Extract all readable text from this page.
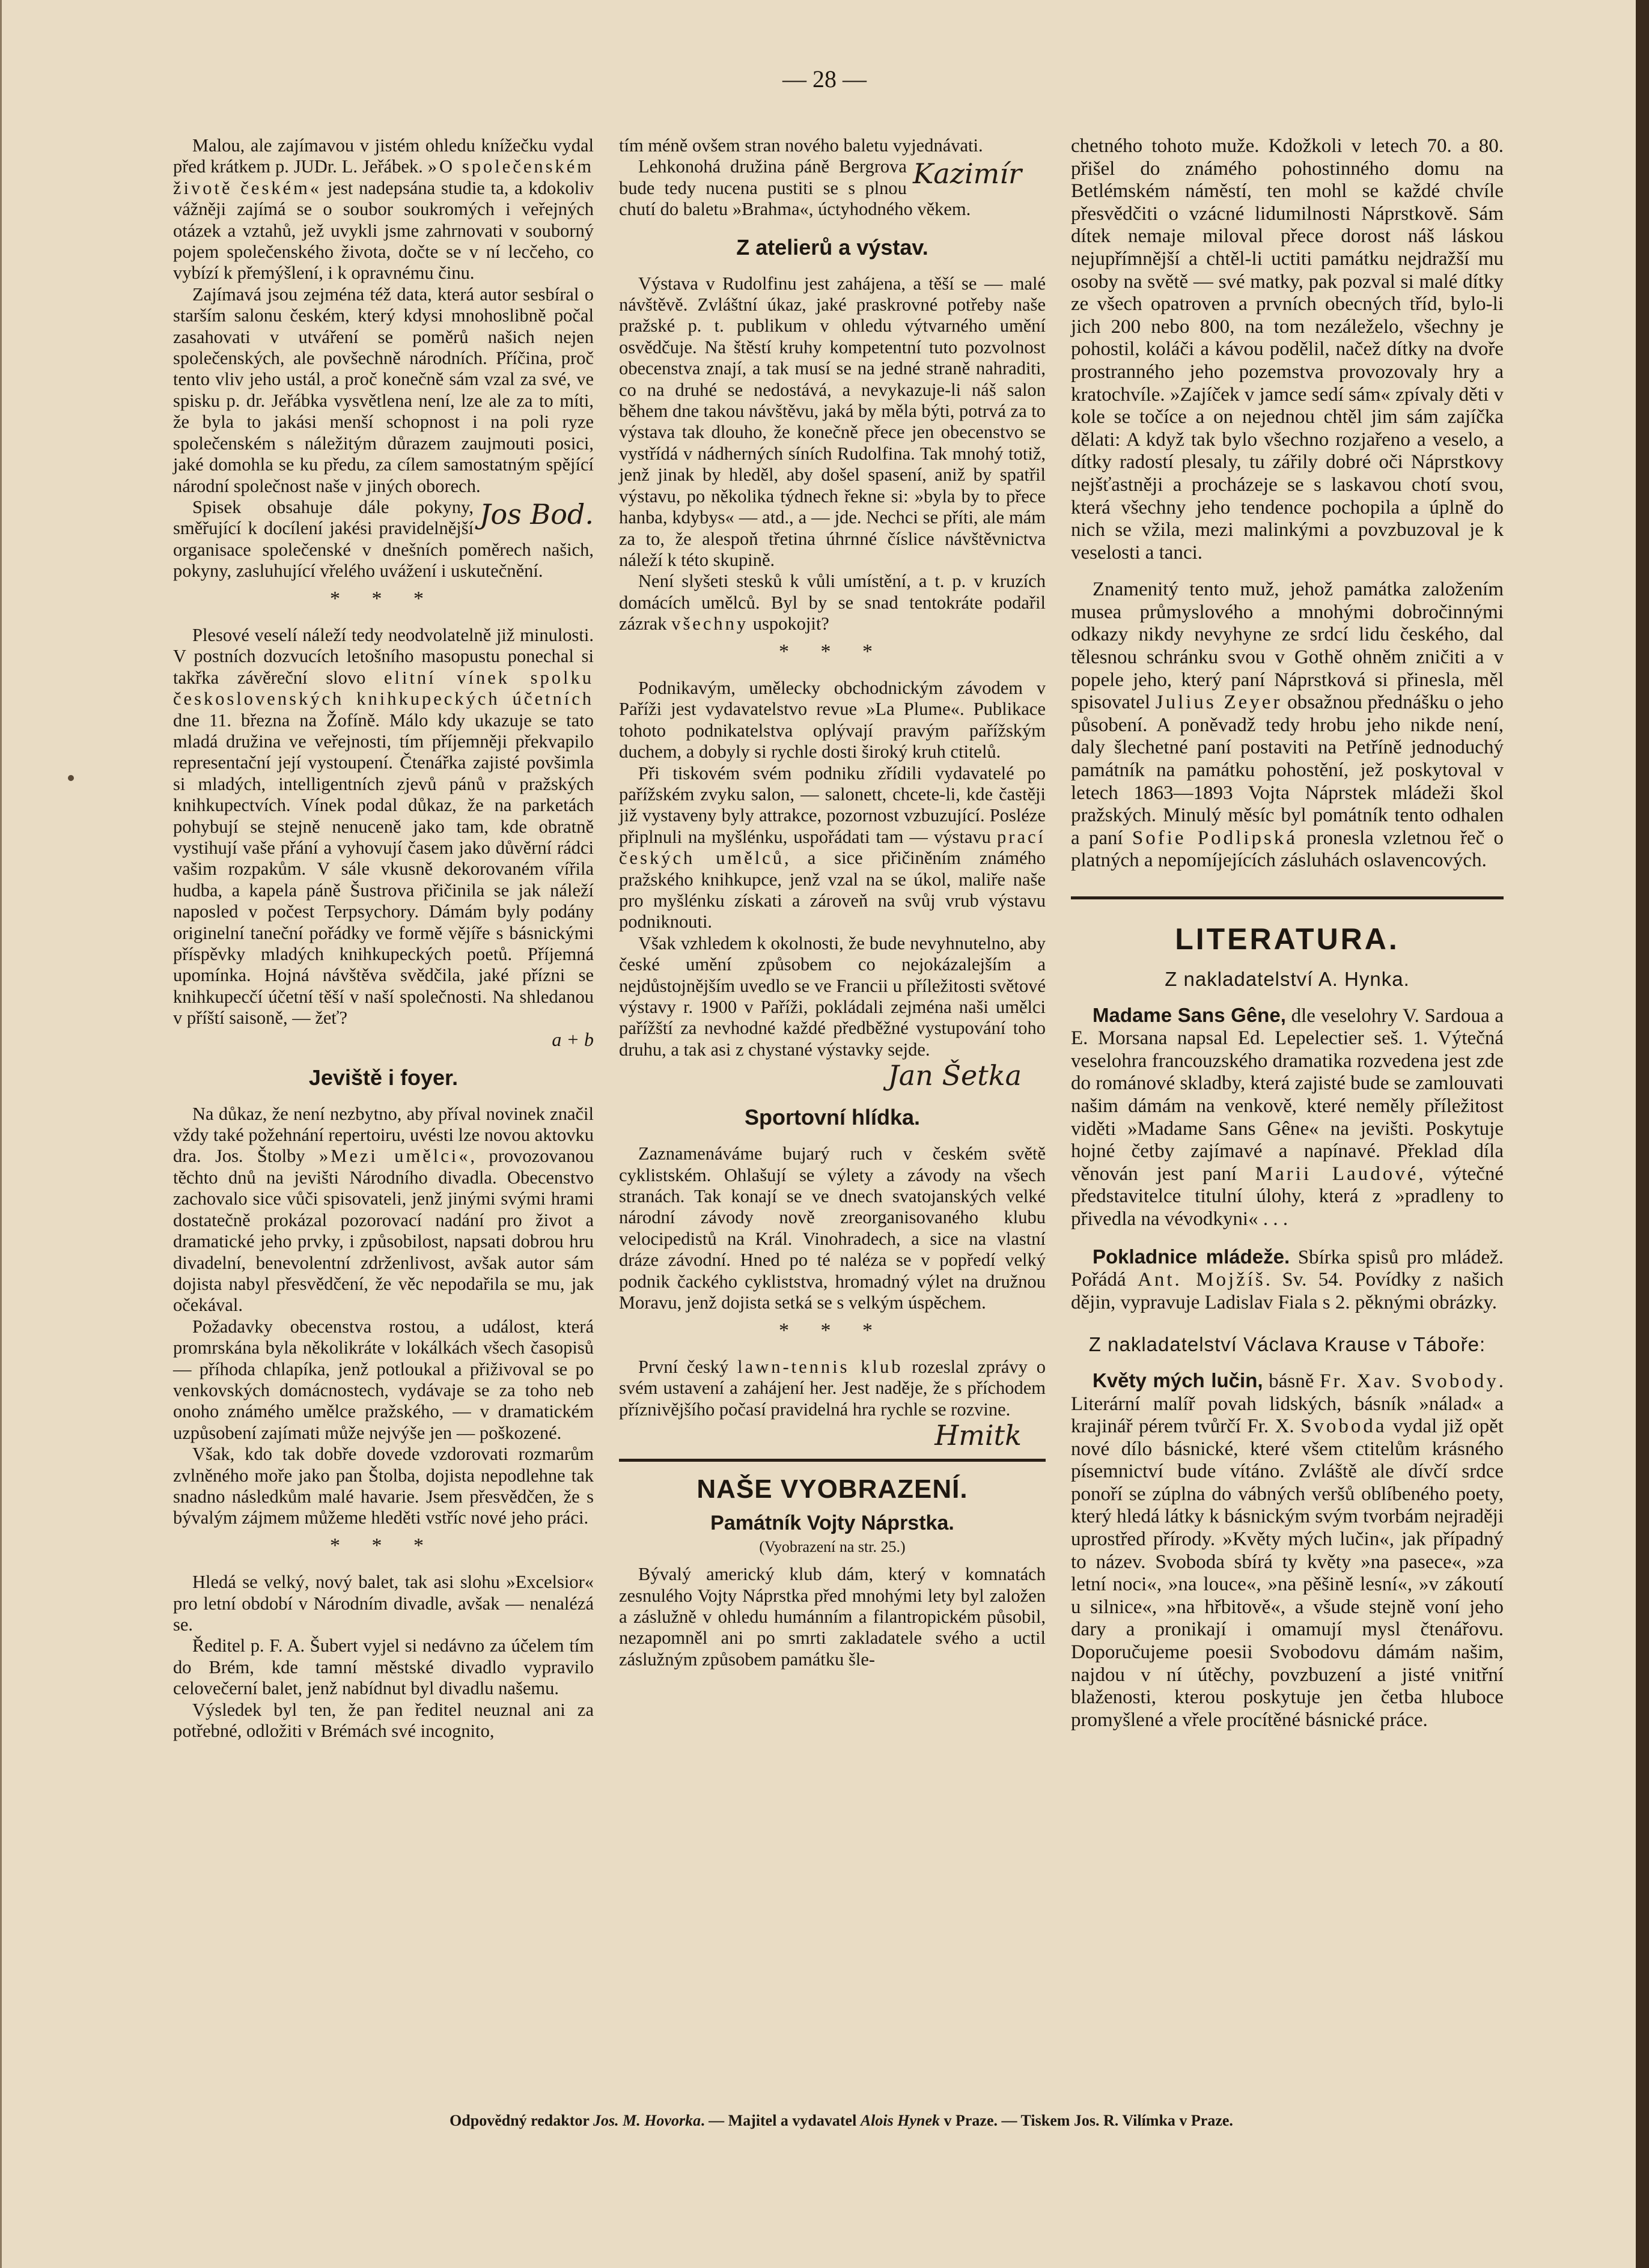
— 28 —

Malou, ale zajímavou v jistém ohledu knížečku vydal před krátkem p. JUDr. L. Jeřábek. »O společenském životě českém« jest nadepsána studie ta, a kdokoliv vážněji zajímá se o soubor soukromých i veřejných otázek a vztahů, jež uvykli jsme zahrnovati v souborný pojem společenského života, dočte se v ní lecčeho, co vybízí k přemýšlení, i k opravnému činu.

Zajímavá jsou zejména též data, která autor sesbíral o starším salonu českém, který kdysi mnohoslibně počal zasahovati v utváření se poměrů našich nejen společenských, ale povšechně národních. Příčina, proč tento vliv jeho ustál, a proč konečně sám vzal za své, ve spisku p. dr. Jeřábka vysvětlena není, lze ale za to míti, že byla to jakási menší schopnost i na poli ryze společenském s náležitým důrazem zaujmouti posici, jaké domohla se ku předu, za cílem samostatným spějící národní společnost naše v jiných oborech.

Jos Bod.

Spisek obsahuje dále pokyny, směřující k docílení jakési pravidelnější organisace společenské v dnešních poměrech našich, pokyny, zasluhující vřelého uvážení i uskutečnění.

* * *

Plesové veselí náleží tedy neodvolatelně již minulosti. V postních dozvucích letošního masopustu ponechal si takřka závěreční slovo elitní vínek spolku československých knihkupeckých účetních dne 11. března na Žofíně. Málo kdy ukazuje se tato mladá družina ve veřejnosti, tím příjemněji překvapilo representační její vystoupení. Čtenářka zajisté povšimla si mladých, intelligentních zjevů pánů v pražských knihkupectvích. Vínek podal důkaz, že na parketách pohybují se stejně nenuceně jako tam, kde obratně vystihují vaše přání a vyhovují časem jako důvěrní rádci vašim rozpakům. V sále vkusně dekorovaném vířila hudba, a kapela páně Šustrova přičinila se jak náleží naposled v počest Terpsychory. Dámám byly podány originelní taneční pořádky ve formě vějíře s básnickými příspěvky mladých knihkupeckých poetů. Příjemná upomínka. Hojná návštěva svědčila, jaké přízni se knihkupecčí účetní těší v naší společnosti. Na shledanou v příští saisoně, — žeť?

a + b
Jeviště i foyer.

Na důkaz, že není nezbytno, aby příval novinek značil vždy také požehnání repertoiru, uvésti lze novou aktovku dra. Jos. Štolby »Mezi umělci«, provozovanou těchto dnů na jevišti Národního divadla. Obecenstvo zachovalo sice vůči spisovateli, jenž jinými svými hrami dostatečně prokázal pozorovací nadání pro život a dramatické jeho prvky, i způsobilost, napsati dobrou hru divadelní, benevolentní zdrženlivost, avšak autor sám dojista nabyl přesvědčení, že věc nepodařila se mu, jak očekával.

Požadavky obecenstva rostou, a událost, která promrskána byla několikráte v lokálkách všech časopisů — příhoda chlapíka, jenž potloukal a přiživoval se po venkovských domácnostech, vydávaje se za toho neb onoho známého umělce pražského, — v dramatickém uzpůsobení zajímati může nejvýše jen — poškozené.

Však, kdo tak dobře dovede vzdorovati rozmarům zvlněného moře jako pan Štolba, dojista nepodlehne tak snadno následkům malé havarie. Jsem přesvědčen, že s bývalým zájmem můžeme hleděti vstříc nové jeho práci.

* * *

Hledá se velký, nový balet, tak asi slohu »Excelsior« pro letní období v Národním divadle, avšak — nenalézá se.

Ředitel p. F. A. Šubert vyjel si nedávno za účelem tím do Brém, kde tamní městské divadlo vypravilo celovečerní balet, jenž nabídnut byl divadlu našemu.

Výsledek byl ten, že pan ředitel neuznal ani za potřebné, odložiti v Brémách své incognito,

tím méně ovšem stran nového baletu vyjednávati.

Kazimír

Lehkonohá družina páně Bergrova bude tedy nucena pustiti se s plnou chutí do baletu »Brahma«, úctyhodného věkem.

Z atelierů a výstav.

Výstava v Rudolfinu jest zahájena, a těší se — malé návštěvě. Zvláštní úkaz, jaké praskrovné potřeby naše pražské p. t. publikum v ohledu výtvarného umění osvědčuje. Na štěstí kruhy kompetentní tuto pozvolnost obecenstva znají, a tak musí se na jedné straně nahraditi, co na druhé se nedostává, a nevykazuje-li náš salon během dne takou návštěvu, jaká by měla býti, potrvá za to výstava tak dlouho, že konečně přece jen obecenstvo se vystřídá v nádherných síních Rudolfina. Tak mnohý totiž, jenž jinak by hleděl, aby došel spasení, aniž by spatřil výstavu, po několika týdnech řekne si: »byla by to přece hanba, kdybys« — atd., a — jde. Nechci se příti, ale mám za to, že alespoň třetina úhrnné číslice návštěvnictva náleží k této skupině.

Není slyšeti stesků k vůli umístění, a t. p. v kruzích domácích umělců. Byl by se snad tentokráte podařil zázrak všechny uspokojit?

* * *

Podnikavým, umělecky obchodnickým závodem v Paříži jest vydavatelstvo revue »La Plume«. Publikace tohoto podnikatelstva oplývají pravým pařížským duchem, a dobyly si rychle dosti široký kruh ctitelů.

Při tiskovém svém podniku zřídili vydavatelé po pařížském zvyku salon, — salonett, chcete-li, kde častěji již vystaveny byly attrakce, pozornost vzbuzující. Posléze připlnuli na myšlénku, uspořádati tam — výstavu prací českých umělců, a sice přičiněním známého pražského knihkupce, jenž vzal na se úkol, maliře naše pro myšlénku získati a zároveň na svůj vrub výstavu podniknouti.

Však vzhledem k okolnosti, že bude nevyhnutelno, aby české umění způsobem co nejokázalejším a nejdůstojnějším uvedlo se ve Francii u příležitosti světové výstavy r. 1900 v Paříži, pokládali zejména naši umělci pařížští za nevhodné každé předběžné vystupování toho druhu, a tak asi z chystané výstavky sejde.

Jan Šetka
Sportovní hlídka.

Zaznamenáváme bujarý ruch v českém světě cyklistském. Ohlašují se výlety a závody na všech stranách. Tak konají se ve dnech svatojanských velké národní závody nově zreorganisovaného klubu velocipedistů na Král. Vinohradech, a sice na vlastní dráze závodní. Hned po té naléza se v popředí velký podnik čackého cykliststva, hromadný výlet na družnou Moravu, jenž dojista setká se s velkým úspěchem.

* * *

První český lawn-tennis klub rozeslal zprávy o svém ustavení a zahájení her. Jest naděje, že s příchodem příznivějšího počasí pravidelná hra rychle se rozvine.

Hmitk
NAŠE VYOBRAZENÍ.
Památník Vojty Náprstka.
(Vyobrazení na str. 25.)

Bývalý americký klub dám, který v komnatách zesnulého Vojty Náprstka před mnohými lety byl založen a záslužně v ohledu humánním a filantropickém působil, nezapomněl ani po smrti zakladatele svého a uctil záslužným způsobem památku šle-

chetného tohoto muže. Kdožkoli v letech 70. a 80. přišel do známého pohostinného domu na Betlémském náměstí, ten mohl se každé chvíle přesvědčiti o vzácné lidumilnosti Náprstkově. Sám dítek nemaje miloval přece dorost náš láskou nejupřímnější a chtěl-li uctiti památku nejdražší mu osoby na světě — své matky, pak pozval si malé dítky ze všech opatroven a prvních obecných tříd, bylo-li jich 200 nebo 800, na tom nezáleželo, všechny je pohostil, koláči a kávou podělil, načež dítky na dvoře prostranného jeho pozemstva provozovaly hry a kratochvíle. »Zajíček v jamce sedí sám« zpívaly děti v kole se točíce a on nejednou chtěl jim sám zajíčka dělati: A když tak bylo všechno rozjařeno a veselo, a dítky radostí plesaly, tu zářily dobré oči Náprstkovy nejšťastněji a procházeje se s laskavou chotí svou, která všechny jeho tendence pochopila a úplně do nich se vžila, mezi malinkými a povzbuzoval je k veselosti a tanci.

Znamenitý tento muž, jehož památka založením musea průmyslového a mnohými dobročinnými odkazy nikdy nevyhyne ze srdcí lidu českého, dal tělesnou schránku svou v Gothě ohněm zničiti a v popele jeho, který paní Náprstková si přinesla, měl spisovatel Julius Zeyer obsažnou přednášku o jeho působení. A poněvadž tedy hrobu jeho nikde není, daly šlechetné paní postaviti na Petříně jednoduchý památník na památku pohostění, jež poskytoval v letech 1863—1893 Vojta Náprstek mládeži škol pražských. Minulý měsíc byl pomátník tento odhalen a paní Sofie Podlipská pronesla vzletnou řeč o platných a nepomíjejících zásluhách oslavencových.

LITERATURA.
Z nakladatelství A. Hynka.

Madame Sans Gêne, dle veselohry V. Sardoua a E. Morsana napsal Ed. Lepelectier seš. 1. Výtečná veselohra francouzského dramatika rozvedena jest zde do románové skladby, která zajisté bude se zamlouvati našim dámám na venkově, které neměly příležitost viděti »Madame Sans Gêne« na jevišti. Poskytuje hojné četby zajímavé a napínavé. Překlad díla věnován jest paní Marii Laudové, výtečné představitelce titulní úlohy, která z »pradleny to přivedla na vévodkyni« . . .

Pokladnice mládeže. Sbírka spisů pro mládež. Pořádá Ant. Mojžíš. Sv. 54. Povídky z našich dějin, vypravuje Ladislav Fiala s 2. pěknými obrázky.

Z nakladatelství Václava Krause v Táboře:

Květy mých lučin, básně Fr. Xav. Svobody. Literární malíř povah lidských, básník »nálad« a krajinář pérem tvůrčí Fr. X. Svoboda vydal již opět nové dílo básnické, které všem ctitelům krásného písemnictví bude vítáno. Zvláště ale dívčí srdce ponoří se zúplna do vábných veršů oblíbeného poety, který hledá látky k básnickým svým tvorbám nejraději uprostřed přírody. »Květy mých lučin«, jak případný to název. Svoboda sbírá ty květy »na pasece«, »za letní noci«, »na louce«, »na pěšině lesní«, »v zákoutí u silnice«, »na hřbitově«, a všude stejně voní jeho dary a pronikají i omamují mysl čtenářovu. Doporučujeme poesii Svobodovu dámám našim, najdou v ní útěchy, povzbuzení a jisté vnitřní blaženosti, kterou poskytuje jen četba hluboce promyšlené a vřele procítěné básnické práce.

Odpovědný redaktor Jos. M. Hovorka. — Majitel a vydavatel Alois Hynek v Praze. — Tiskem Jos. R. Vilímka v Praze.
